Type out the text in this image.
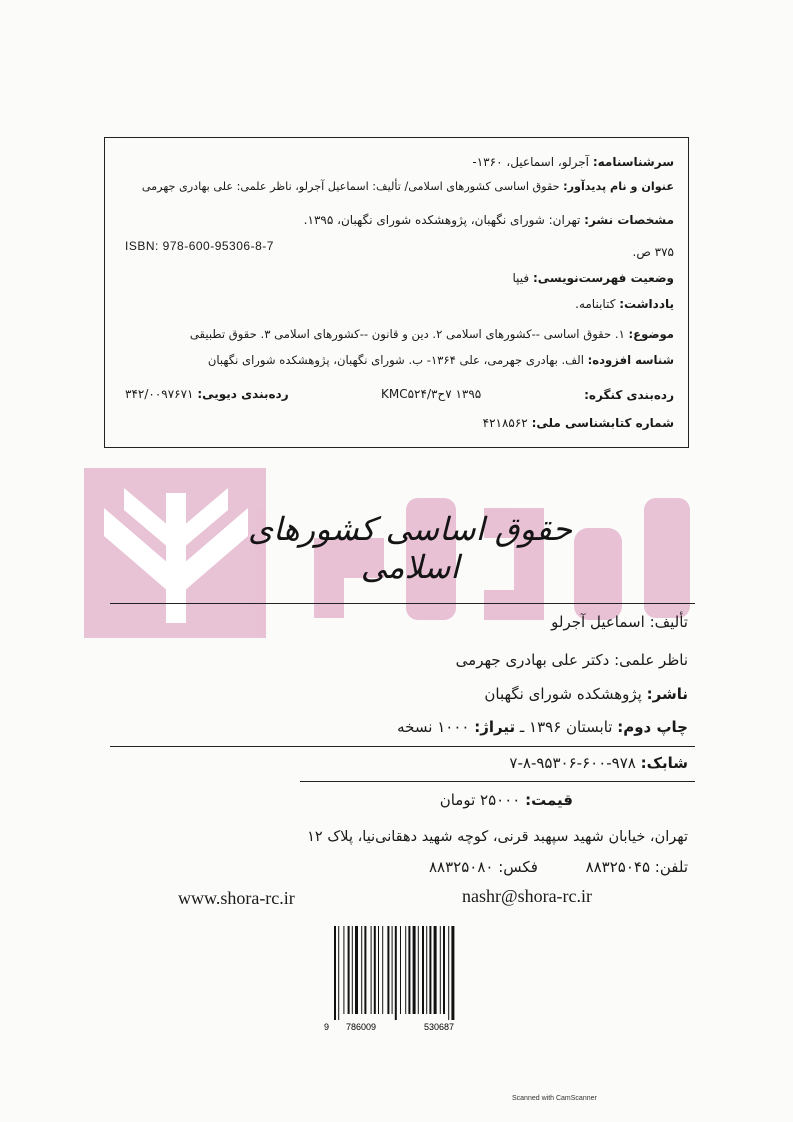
سرشناسنامه: آجرلو، اسماعیل، ۱۳۶۰-
عنوان و نام پدیدآور: حقوق اساسی کشورهای اسلامی/ تألیف: اسماعیل آجرلو، ناظر علمی: علی بهادری جهرمی
مشخصات نشر: تهران: شورای نگهبان، پژوهشکده شورای نگهبان، ۱۳۹۵.
ISBN: 978-600-95306-8-7	۳۷۵ ص.
وضعیت فهرست‌نویسی: فیپا
یادداشت: کتابنامه.
موضوع: ۱. حقوق اساسی --کشورهای اسلامی ۲. دین و قانون --کشورهای اسلامی ۳. حقوق تطبیقی
شناسه افزوده: الف. بهادری جهرمی، علی ۱۳۶۴- ب. شورای نگهبان، پژوهشکده شورای نگهبان
رده‌بندی کنگره:
۱۳۹۵ ۷ح۳/KMC۵۲۴
رده‌بندی دیویی: ۳۴۲/۰۰۹۷۶۷۱
شماره کتابشناسی ملی: ۴۲۱۸۵۶۲
حقوق اساسی کشورهای اسلامی
تألیف: اسماعیل آجرلو
ناظر علمی: دکتر علی بهادری جهرمی
ناشر: پژوهشکده شورای نگهبان
چاپ دوم: تابستان ۱۳۹۶ ـ تیراژ: ۱۰۰۰ نسخه
شابک: ۹۷۸-۶۰۰-۹۵۳۰۶-۸-۷
قیمت: ۲۵۰۰۰ تومان
تهران، خیابان شهید سپهبد قرنی، کوچه شهید دهقانی‌نیا، پلاک ۱۲
تلفن: ۸۸۳۲۵۰۴۵          فکس: ۸۸۳۲۵۰۸۰
www.shora-rc.ir	nashr@shora-rc.ir
9 786009	530687
Scanned with CamScanner
